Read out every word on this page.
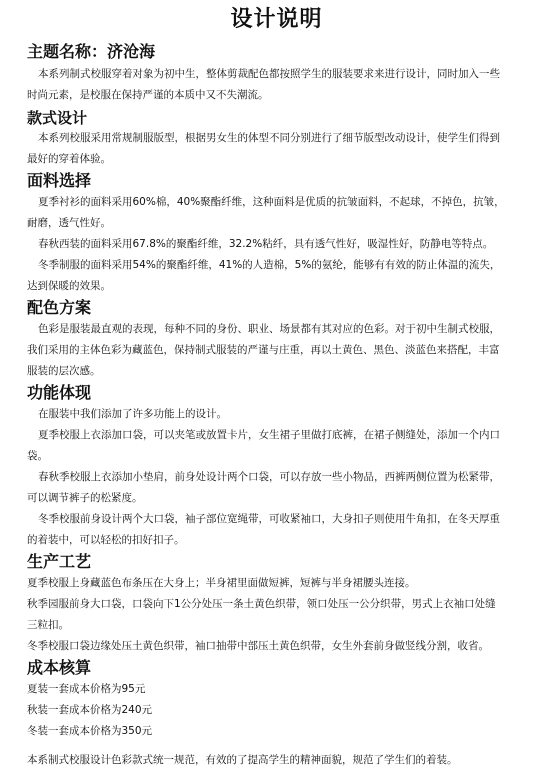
设计说明
主题名称：济沧海
本系列制式校服穿着对象为初中生，整体剪裁配色都按照学生的服装要求来进行设计，同时加入一些
时尚元素，是校服在保持严谨的本质中又不失潮流。
款式设计
本系列校服采用常规制服版型，根据男女生的体型不同分别进行了细节版型改动设计，使学生们得到
最好的穿着体验。
面料选择
夏季衬衫的面料采用60%棉，40%聚酯纤维，这种面料是优质的抗皱面料，不起球，不掉色，抗皱，
耐磨，透气性好。
春秋西装的面料采用67.8%的聚酯纤维，32.2%粘纤，具有透气性好，吸湿性好，防静电等特点。
冬季制服的面料采用54%的聚酯纤维，41%的人造棉，5%的氨纶，能够有有效的防止体温的流失，
达到保暖的效果。
配色方案
色彩是服装最直观的表现，每种不同的身份、职业、场景都有其对应的色彩。对于初中生制式校服，
我们采用的主体色彩为藏蓝色，保持制式服装的严谨与庄重，再以土黄色、黑色、淡蓝色来搭配，丰富
服装的层次感。
功能体现
在服装中我们添加了许多功能上的设计。
夏季校服上衣添加口袋，可以夹笔或放置卡片，女生裙子里做打底裤，在裙子侧缝处，添加一个内口
袋。
春秋季校服上衣添加小垫肩，前身处设计两个口袋，可以存放一些小物品，西裤两侧位置为松紧带，
可以调节裤子的松紧度。
冬季校服前身设计两个大口袋，袖子部位宽绳带，可收紧袖口，大身扣子则使用牛角扣，在冬天厚重
的着装中，可以轻松的扣好扣子。
生产工艺
夏季校服上身藏蓝色布条压在大身上；半身裙里面做短裤，短裤与半身裙腰头连接。
秋季园服前身大口袋，口袋向下1公分处压一条土黄色织带，领口处压一公分织带，男式上衣袖口处缝
三粒扣。
冬季校服口袋边缘处压土黄色织带，袖口抽带中部压土黄色织带，女生外套前身做竖线分割，收省。
成本核算
夏装一套成本价格为95元
秋装一套成本价格为240元
冬装一套成本价格为350元
本系制式校服设计色彩款式统一规范，有效的了提高学生的精神面貌，规范了学生们的着装。
